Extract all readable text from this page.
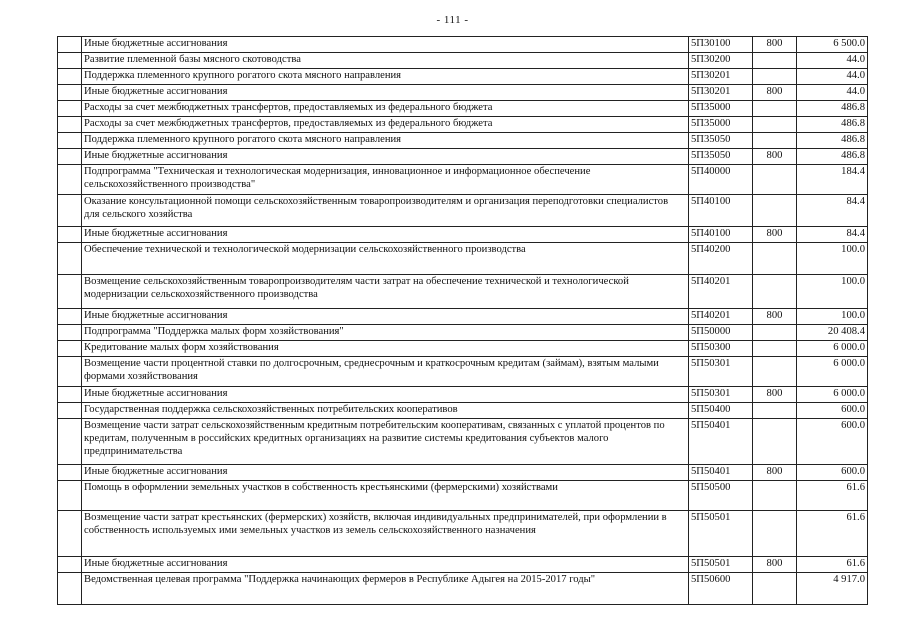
- 111 -
	Иные бюджетные ассигнования	5П30100	800	6 500.0
	Развитие племенной базы мясного скотоводства	5П30200		44.0
	Поддержка племенного крупного рогатого скота мясного направления	5П30201		44.0
	Иные бюджетные ассигнования	5П30201	800	44.0
	Расходы за счет межбюджетных трансфертов, предоставляемых из федерального бюджета	5П35000		486.8
	Расходы за счет межбюджетных трансфертов, предоставляемых из федерального бюджета	5П35000		486.8
	Поддержка племенного крупного рогатого скота мясного направления	5П35050		486.8
	Иные бюджетные ассигнования	5П35050	800	486.8
	Подпрограмма "Техническая и технологическая модернизация, инновационное и информационное обеспечение сельскохозяйственного производства"	5П40000		184.4
	Оказание консультационной помощи сельскохозяйственным товаропроизводителям и организация переподготовки специалистов для сельского хозяйства	5П40100		84.4
	Иные бюджетные ассигнования	5П40100	800	84.4
	Обеспечение технической и технологической модернизации сельскохозяйственного производства	5П40200		100.0
	Возмещение сельскохозяйственным товаропроизводителям части затрат на обеспечение технической и технологической модернизации сельскохозяйственного производства	5П40201		100.0
	Иные бюджетные ассигнования	5П40201	800	100.0
	Подпрограмма "Поддержка малых форм хозяйствования"	5П50000		20 408.4
	Кредитование малых форм хозяйствования	5П50300		6 000.0
	Возмещение части процентной ставки по долгосрочным, среднесрочным и краткосрочным кредитам (займам), взятым малыми формами хозяйствования	5П50301		6 000.0
	Иные бюджетные ассигнования	5П50301	800	6 000.0
	Государственная поддержка сельскохозяйственных потребительских кооперативов	5П50400		600.0
	Возмещение части затрат сельскохозяйственным кредитным потребительским кооперативам, связанных с уплатой процентов по кредитам, полученным в российских кредитных организациях на развитие системы кредитования субъектов малого предпринимательства	5П50401		600.0
	Иные бюджетные ассигнования	5П50401	800	600.0
	Помощь в оформлении земельных участков в собственность крестьянскими (фермерскими) хозяйствами	5П50500		61.6
	Возмещение части затрат крестьянских (фермерских) хозяйств, включая индивидуальных предпринимателей, при оформлении в собственность используемых ими земельных участков из земель сельскохозяйственного назначения	5П50501		61.6
	Иные бюджетные ассигнования	5П50501	800	61.6
	Ведомственная целевая программа "Поддержка начинающих фермеров в Республике Адыгея на 2015-2017 годы"	5П50600		4 917.0
